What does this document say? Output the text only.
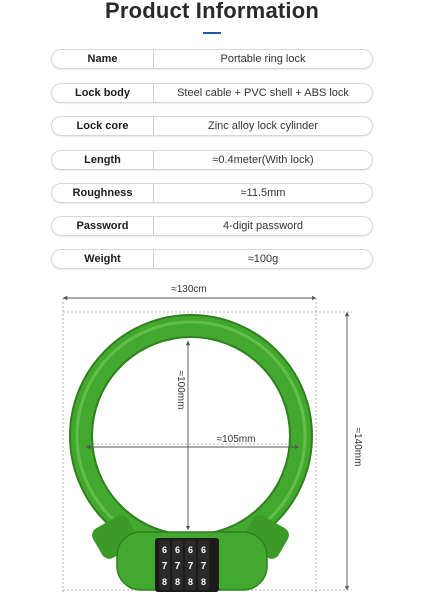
Product Information
Name	Portable ring lock
Lock body	Steel cable + PVC shell + ABS lock
Lock core	Zinc alloy lock cylinder
Length	≈0.4meter(With lock)
Roughness	≈11.5mm
Password	4-digit password
Weight	≈100g
6
7
8
6
7
8
6
7
8
6
7
8
≈130cm
≈105mm
≈100mm
≈140mm
